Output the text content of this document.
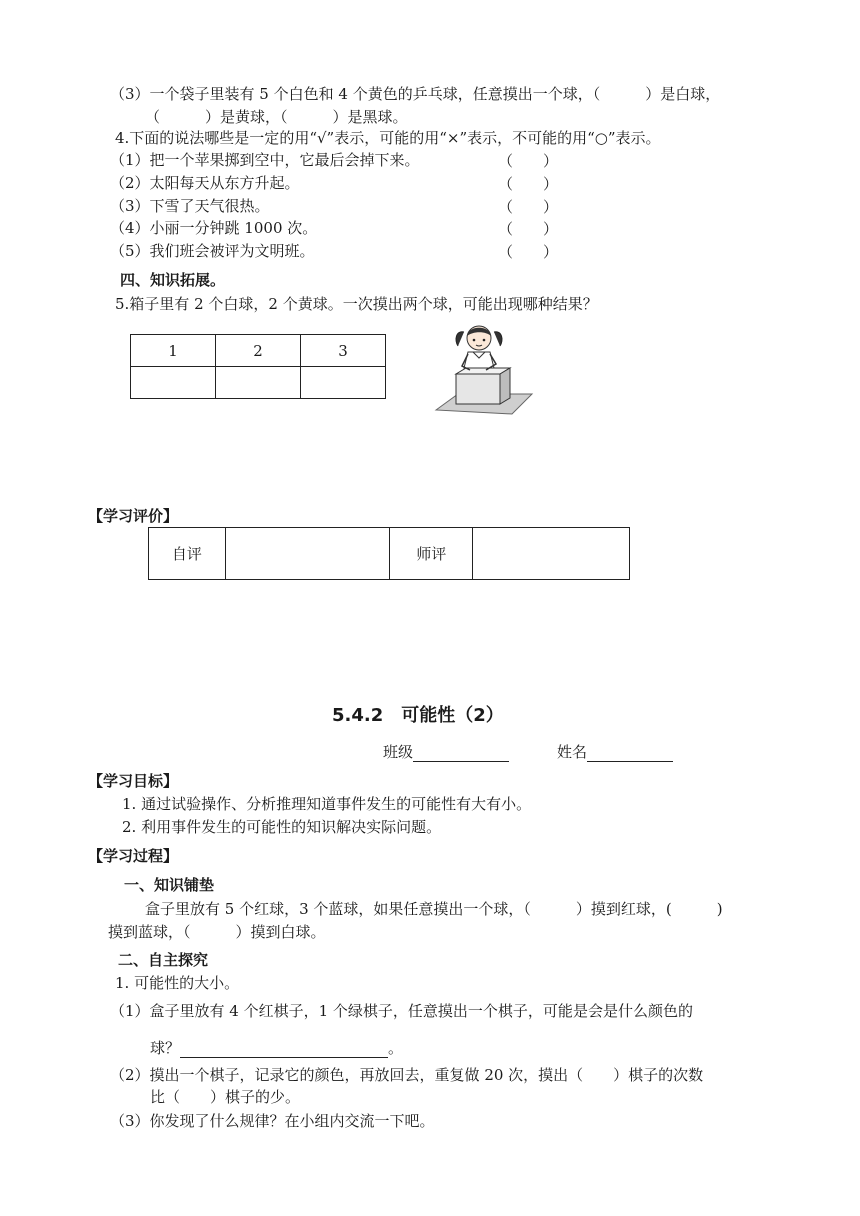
（3）一个袋子里装有 5 个白色和 4 个黄色的乒乓球，任意摸出一个球，（　　　）是白球，
（　　　）是黄球，（　　　）是黑球。
4.下面的说法哪些是一定的用“√”表示，可能的用“×”表示，不可能的用“○”表示。
（1）把一个苹果掷到空中，它最后会掉下来。	（　　）
（2）太阳每天从东方升起。	（　　）
（3）下雪了天气很热。	（　　）
（4）小丽一分钟跳 1000 次。	（　　）
（5）我们班会被评为文明班。	（　　）
四、知识拓展。
5.箱子里有 2 个白球，2 个黄球。一次摸出两个球，可能出现哪种结果？
1	2	3

【学习评价】
自评		师评	
5.4.2　可能性（2）
班级	姓名
【学习目标】
1. 通过试验操作、分析推理知道事件发生的可能性有大有小。
2. 利用事件发生的可能性的知识解决实际问题。
【学习过程】
一、知识铺垫
盒子里放有 5 个红球，3 个蓝球，如果任意摸出一个球，（　　　）摸到红球，(　　　)
摸到蓝球，（　　　）摸到白球。
二、自主探究
1. 可能性的大小。
（1）盒子里放有 4 个红棋子，1 个绿棋子，任意摸出一个棋子，可能是会是什么颜色的
球？	。
（2）摸出一个棋子，记录它的颜色，再放回去，重复做 20 次，摸出（　　）棋子的次数
比（　　）棋子的少。
（3）你发现了什么规律？在小组内交流一下吧。
